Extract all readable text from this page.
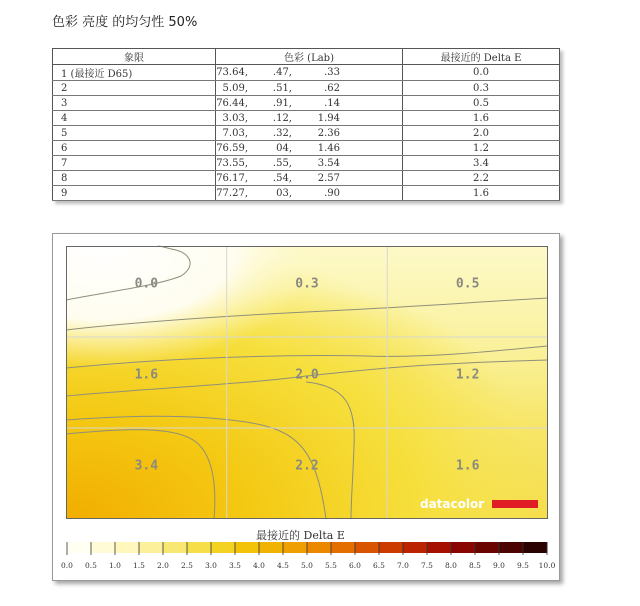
色彩 亮度 的均匀性 50%
象限	色彩 (Lab)	最接近的 Delta E
1 (最接近 D65)	73.64, .47, .33	0.0
2	5.09, .51, .62	0.3
3	76.44, .91, .14	0.5
4	3.03, .12, 1.94	1.6
5	7.03, .32, 2.36	2.0
6	76.59, 04, 1.46	1.2
7	73.55, .55, 3.54	3.4
8	76.17, .54, 2.57	2.2
9	77.27, 03, .90	1.6
0.0	0.3	0.5
1.6	2.0	1.2
3.4	2.2	1.6
datacolor
最接近的 Delta E
0.0 0.5 1.0 1.5 2.0 2.5 3.0 3.5 4.0 4.5 5.0 5.5 6.0 6.5 7.0 7.5 8.0 8.5 9.0 9.5 10.0
